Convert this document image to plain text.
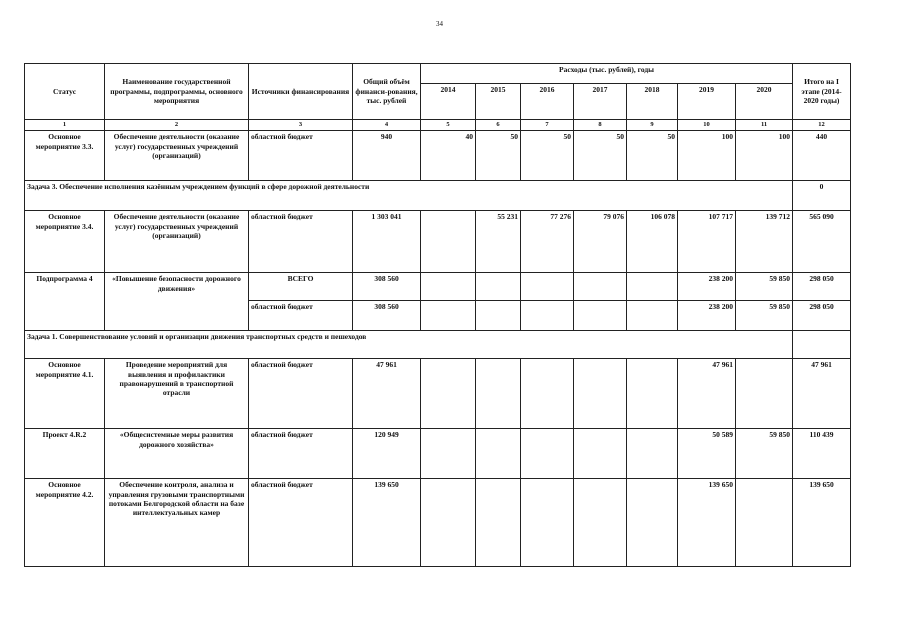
34
Статус	Наименование государственной программы, подпрограммы, основного мероприятия	Источники финансирования	Общий объём финанси-рования, тыс. рублей	Расходы (тыс. рублей), годы							Итого на I этапе (2014-2020 годы)
				2014	2015	2016	2017	2018	2019	2020	
1	2	3	4	5	6	7	8	9	10	11	12
Основное мероприятие 3.3.	Обеспечение деятельности (оказание услуг) государственных учреждений (организаций)	областной бюджет	940	40	50	50	50	50	100	100	440
Задача 3. Обеспечение исполнения казённым учреждением функций в сфере дорожной деятельности											0
Основное мероприятие 3.4.	Обеспечение деятельности (оказание услуг) государственных учреждений (организаций)	областной бюджет	1 303 041		55 231	77 276	79 076	106 078	107 717	139 712	565 090
Подпрограмма 4	«Повышение безопасности дорожного движения»	ВСЕГО	308 560						238 200	59 850	298 050
		областной бюджет	308 560						238 200	59 850	298 050
Задача 1. Совершенствование условий и организации движения транспортных средств и пешеходов											
Основное мероприятие 4.1.	Проведение мероприятий для выявления и профилактики правонарушений в транспортной отрасли	областной бюджет	47 961						47 961		47 961
Проект 4.R.2	«Общесистемные меры развития дорожного хозяйства»	областной бюджет	120 949						50 589	59 850	110 439
Основное мероприятие 4.2.	Обеспечение контроля, анализа и управления грузовыми транспортными потоками Белгородской области на базе интеллектуальных камер	областной бюджет	139 650						139 650		139 650
